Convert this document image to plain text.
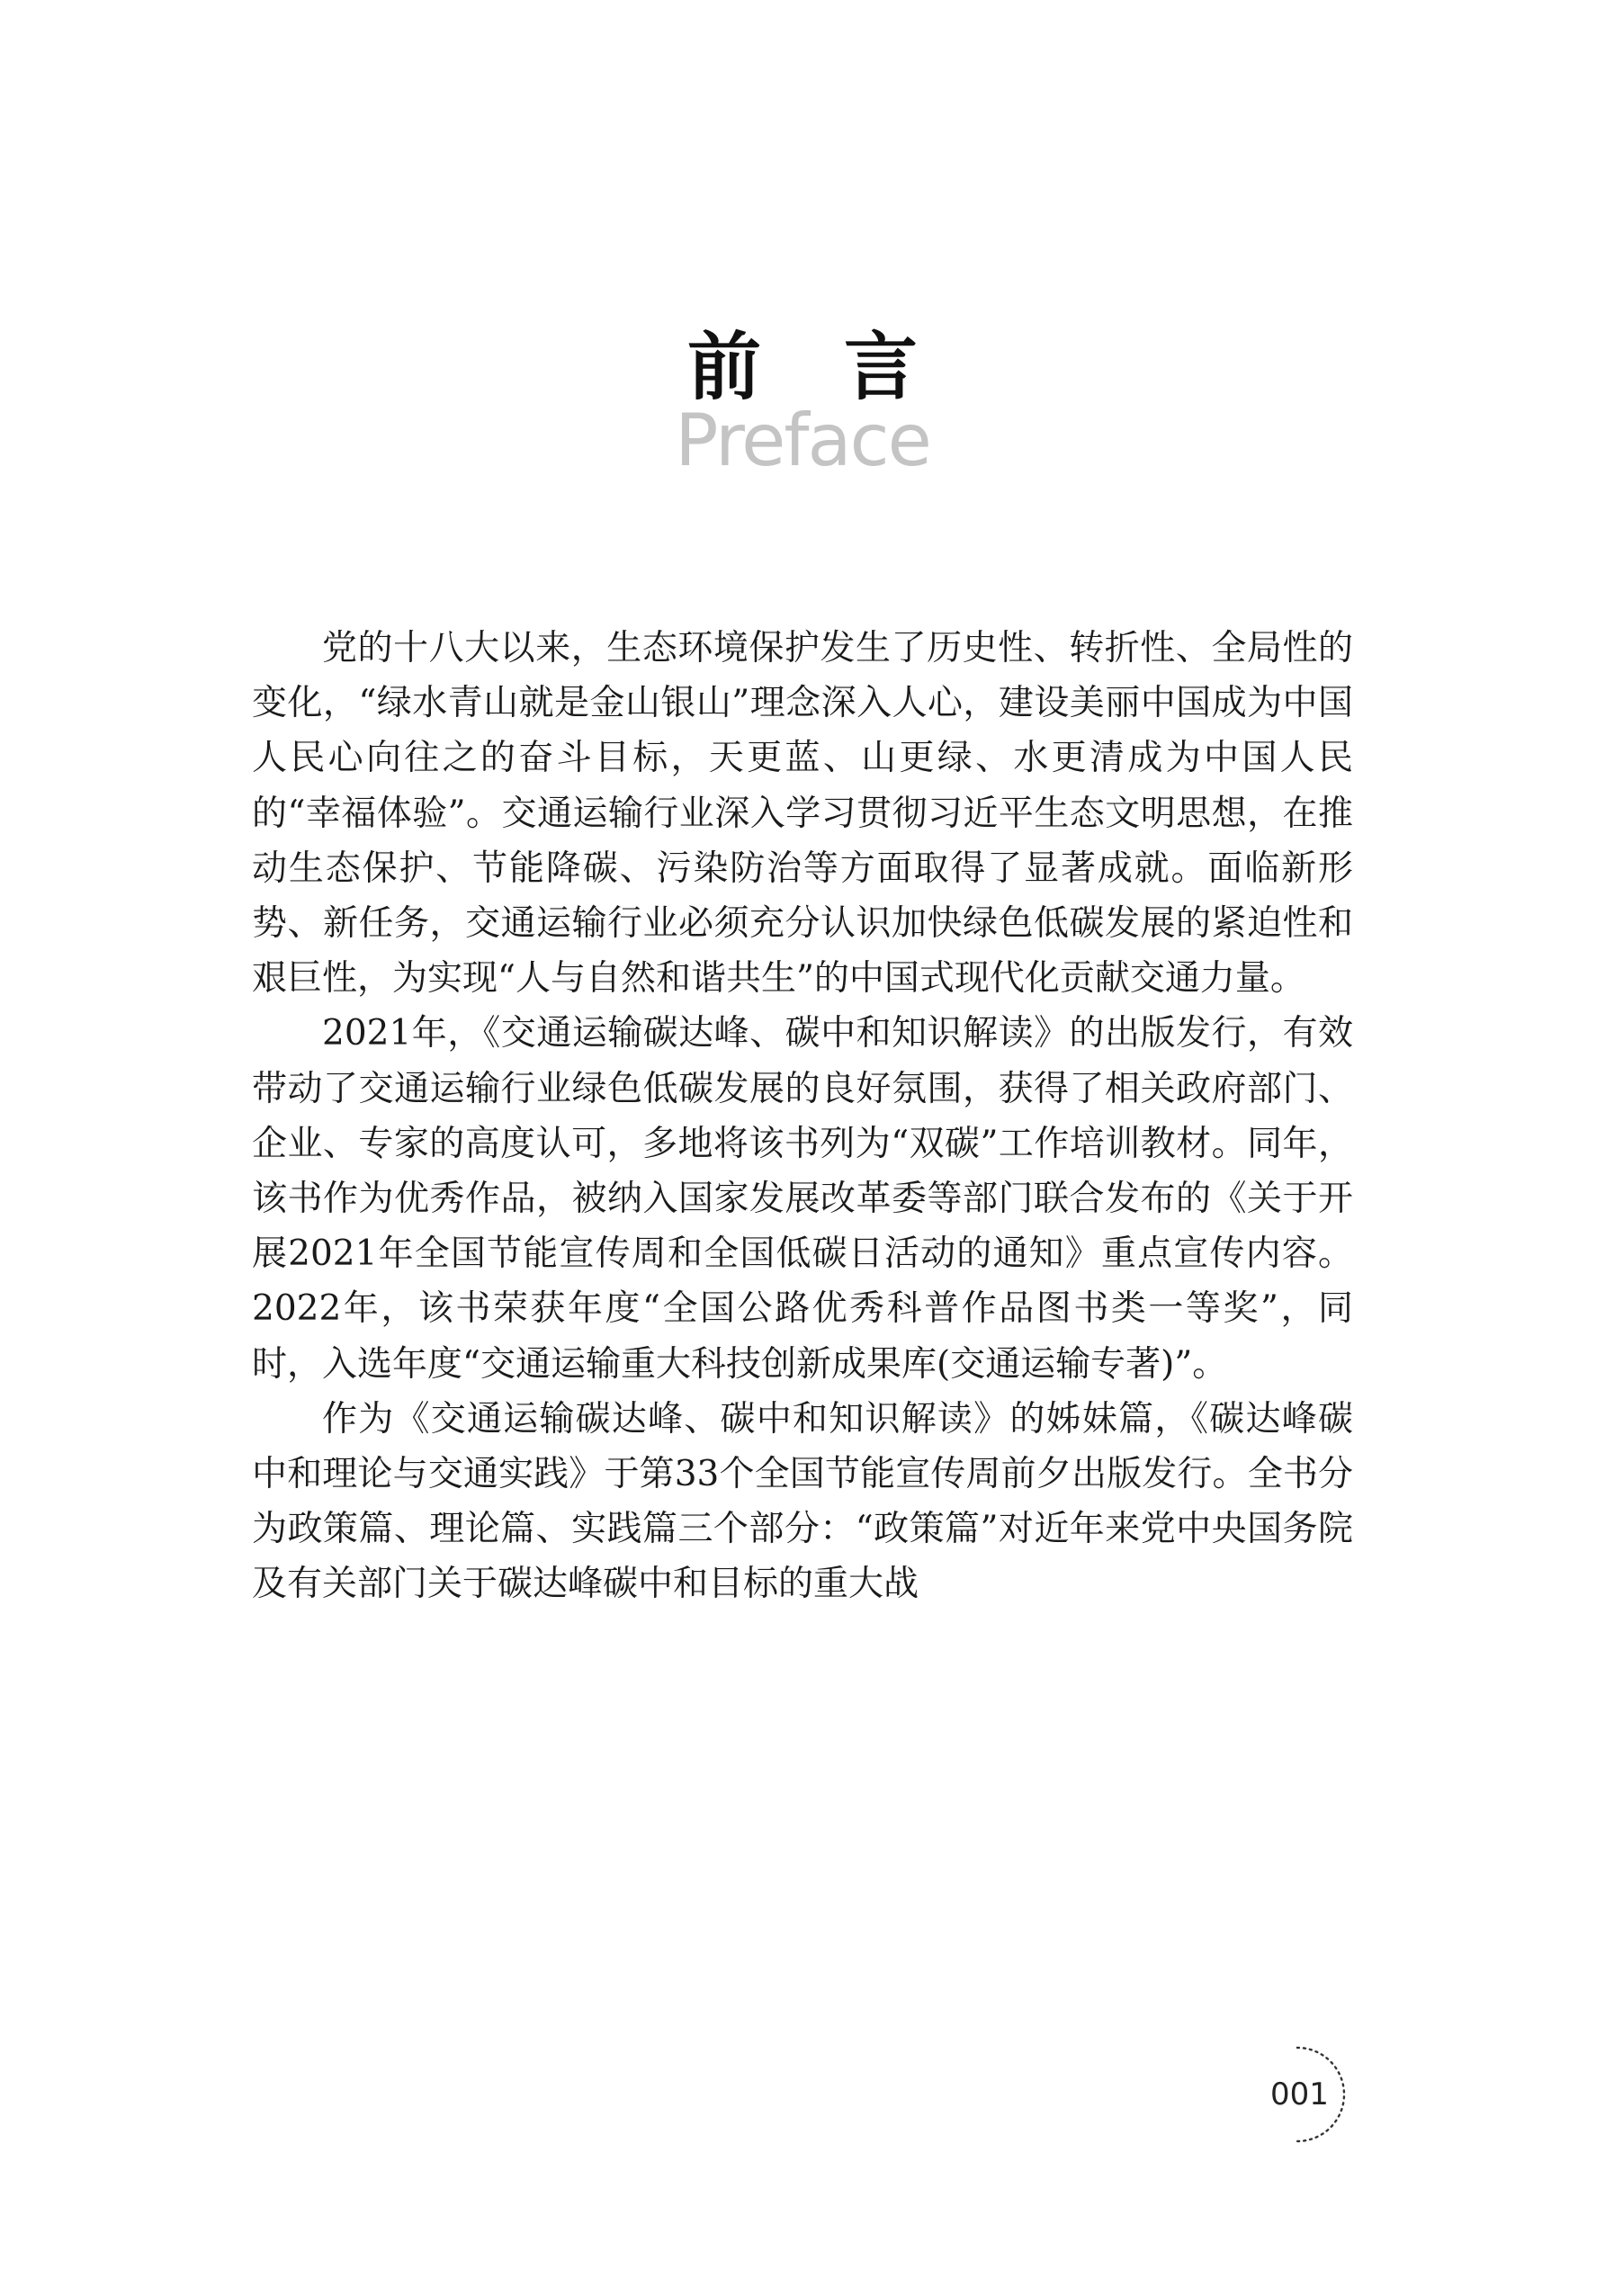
前言
Preface

党的十八大以来，生态环境保护发生了历史性、转折性、全局性的变化，“绿水青山就是金山银山”理念深入人心，建设美丽中国成为中国人民心向往之的奋斗目标，天更蓝、山更绿、水更清成为中国人民的“幸福体验”。交通运输行业深入学习贯彻习近平生态文明思想，在推动生态保护、节能降碳、污染防治等方面取得了显著成就。面临新形势、新任务，交通运输行业必须充分认识加快绿色低碳发展的紧迫性和艰巨性，为实现“人与自然和谐共生”的中国式现代化贡献交通力量。

2021年，《交通运输碳达峰、碳中和知识解读》的出版发行，有效带动了交通运输行业绿色低碳发展的良好氛围，获得了相关政府部门、企业、专家的高度认可，多地将该书列为“双碳”工作培训教材。同年，该书作为优秀作品，被纳入国家发展改革委等部门联合发布的《关于开展2021年全国节能宣传周和全国低碳日活动的通知》重点宣传内容。2022年，该书荣获年度“全国公路优秀科普作品图书类一等奖”，同时，入选年度“交通运输重大科技创新成果库(交通运输专著)”。

作为《交通运输碳达峰、碳中和知识解读》的姊妹篇，《碳达峰碳中和理论与交通实践》于第33个全国节能宣传周前夕出版发行。全书分为政策篇、理论篇、实践篇三个部分：“政策篇”对近年来党中央国务院及有关部门关于碳达峰碳中和目标的重大战

001
